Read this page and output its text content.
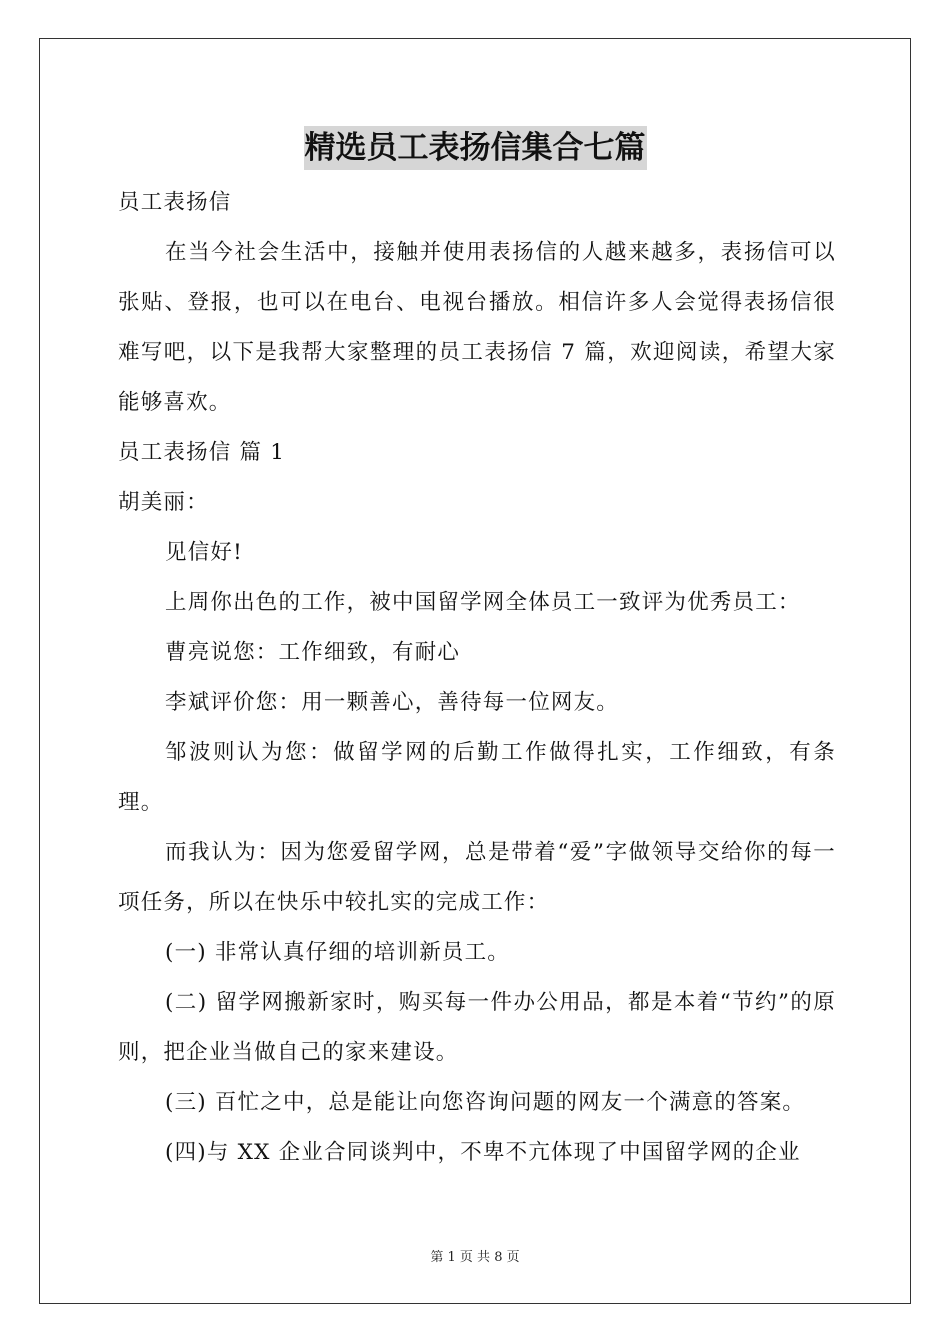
精选员工表扬信集合七篇

员工表扬信

在当今社会生活中，接触并使用表扬信的人越来越多，表扬信可以张贴、登报，也可以在电台、电视台播放。相信许多人会觉得表扬信很难写吧，以下是我帮大家整理的员工表扬信 7 篇，欢迎阅读，希望大家能够喜欢。

员工表扬信 篇 1

胡美丽：

见信好!

上周你出色的工作，被中国留学网全体员工一致评为优秀员工：

曹亮说您：工作细致，有耐心

李斌评价您：用一颗善心，善待每一位网友。

邹波则认为您：做留学网的后勤工作做得扎实，工作细致，有条理。

而我认为：因为您爱留学网，总是带着“爱”字做领导交给你的每一项任务，所以在快乐中较扎实的完成工作：

(一) 非常认真仔细的培训新员工。

(二) 留学网搬新家时，购买每一件办公用品，都是本着“节约”的原则，把企业当做自己的家来建设。

(三) 百忙之中，总是能让向您咨询问题的网友一个满意的答案。

(四)与 XX 企业合同谈判中，不卑不亢体现了中国留学网的企业

第 1 页 共 8 页
